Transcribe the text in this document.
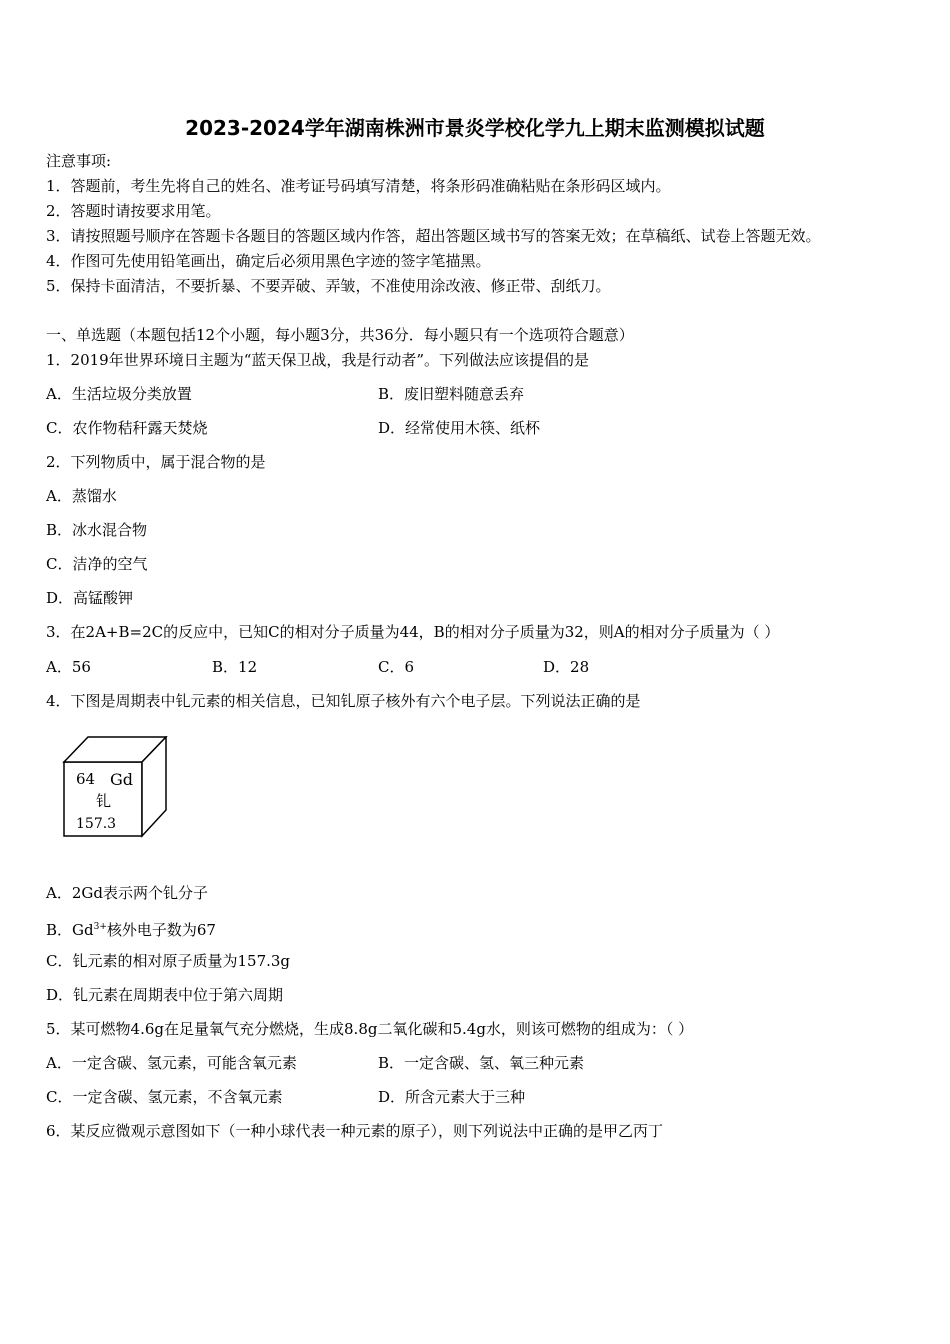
2023-2024学年湖南株洲市景炎学校化学九上期末监测模拟试题
注意事项:
1．答题前，考生先将自己的姓名、准考证号码填写清楚，将条形码准确粘贴在条形码区域内。
2．答题时请按要求用笔。
3．请按照题号顺序在答题卡各题目的答题区域内作答，超出答题区域书写的答案无效；在草稿纸、试卷上答题无效。
4．作图可先使用铅笔画出，确定后必须用黑色字迹的签字笔描黑。
5．保持卡面清洁，不要折暴、不要弄破、弄皱，不准使用涂改液、修正带、刮纸刀。
一、单选题（本题包括12个小题，每小题3分，共36分．每小题只有一个选项符合题意）
1．2019年世界环境日主题为“蓝天保卫战，我是行动者”。下列做法应该提倡的是
A．生活垃圾分类放置	B．废旧塑料随意丢弃
C．农作物秸秆露天焚烧	D．经常使用木筷、纸杯
2．下列物质中，属于混合物的是
A．蒸馏水
B．冰水混合物
C．洁净的空气
D．高锰酸钾
3．在2A+B=2C的反应中，已知C的相对分子质量为44，B的相对分子质量为32，则A的相对分子质量为（ ）
A．56	B．12	C．6	D．28
4．下图是周期表中钆元素的相关信息，已知钆原子核外有六个电子层。下列说法正确的是
64 Gd
钆
157.3
A．2Gd表示两个钆分子
B．$Gd^{3+}$核外电子数为67
C．钆元素的相对原子质量为157.3g
D．钆元素在周期表中位于第六周期
5．某可燃物4.6g在足量氧气充分燃烧，生成8.8g二氧化碳和5.4g水，则该可燃物的组成为：（ ）
A．一定含碳、氢元素，可能含氧元素	B．一定含碳、氢、氧三种元素
C．一定含碳、氢元素，不含氧元素	D．所含元素大于三种
6．某反应微观示意图如下（一种小球代表一种元素的原子），则下列说法中正确的是甲乙丙丁
